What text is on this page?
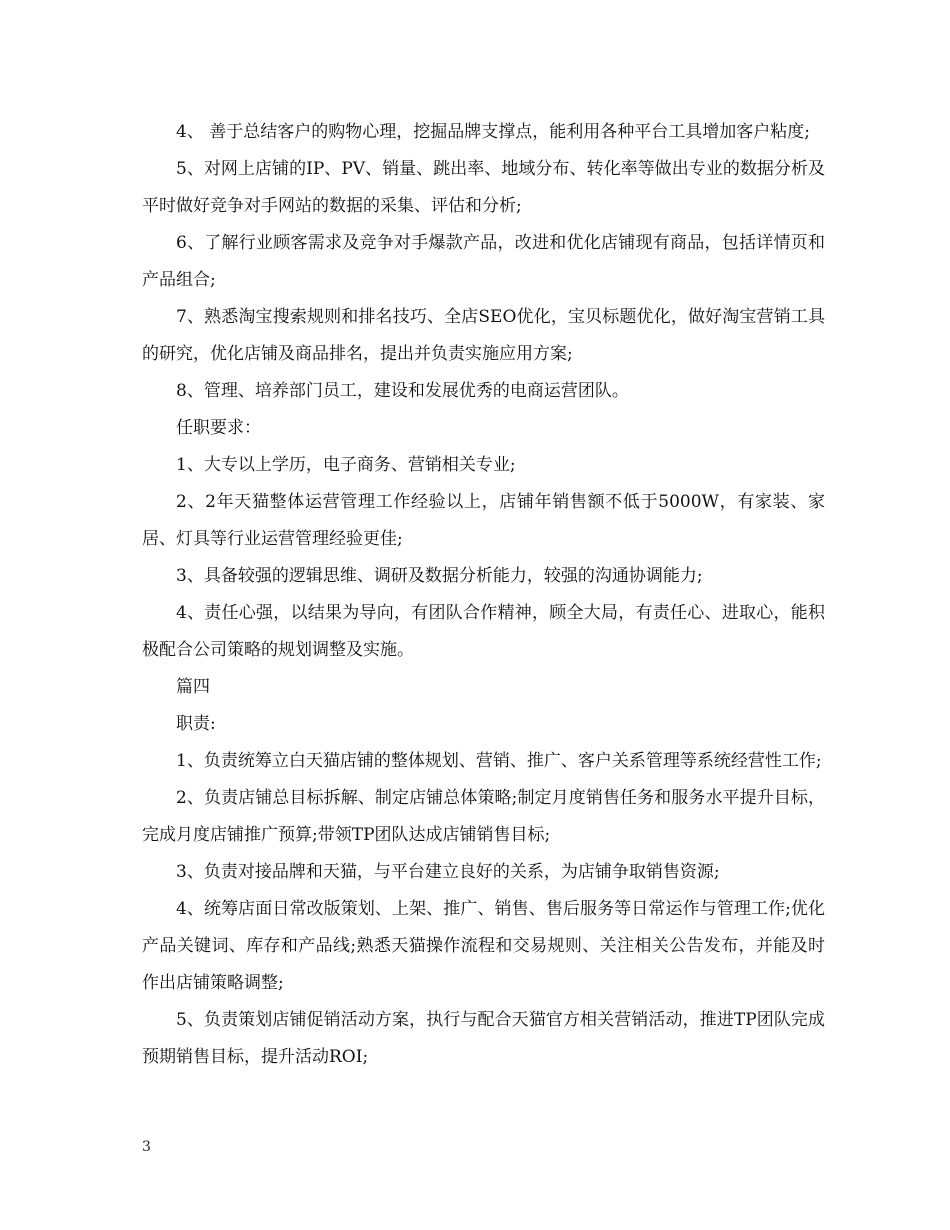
4、 善于总结客户的购物心理，挖掘品牌支撑点，能利用各种平台工具增加客户粘度;

5、对网上店铺的IP、PV、销量、跳出率、地域分布、转化率等做出专业的数据分析及平时做好竞争对手网站的数据的采集、评估和分析;

6、了解行业顾客需求及竞争对手爆款产品，改进和优化店铺现有商品，包括详情页和产品组合;

7、熟悉淘宝搜索规则和排名技巧、全店SEO优化，宝贝标题优化，做好淘宝营销工具的研究，优化店铺及商品排名，提出并负责实施应用方案;

8、管理、培养部门员工，建设和发展优秀的电商运营团队。

任职要求：

1、大专以上学历，电子商务、营销相关专业;

2、2年天猫整体运营管理工作经验以上，店铺年销售额不低于5000W，有家装、家居、灯具等行业运营管理经验更佳;

3、具备较强的逻辑思维、调研及数据分析能力，较强的沟通协调能力;

4、责任心强，以结果为导向，有团队合作精神，顾全大局，有责任心、进取心，能积极配合公司策略的规划调整及实施。

篇四

职责:

1、负责统筹立白天猫店铺的整体规划、营销、推广、客户关系管理等系统经营性工作;

2、负责店铺总目标拆解、制定店铺总体策略;制定月度销售任务和服务水平提升目标，完成月度店铺推广预算;带领TP团队达成店铺销售目标;

3、负责对接品牌和天猫，与平台建立良好的关系，为店铺争取销售资源;

4、统筹店面日常改版策划、上架、推广、销售、售后服务等日常运作与管理工作;优化产品关键词、库存和产品线;熟悉天猫操作流程和交易规则、关注相关公告发布，并能及时作出店铺策略调整;

5、负责策划店铺促销活动方案，执行与配合天猫官方相关营销活动，推进TP团队完成预期销售目标，提升活动ROI;

3
